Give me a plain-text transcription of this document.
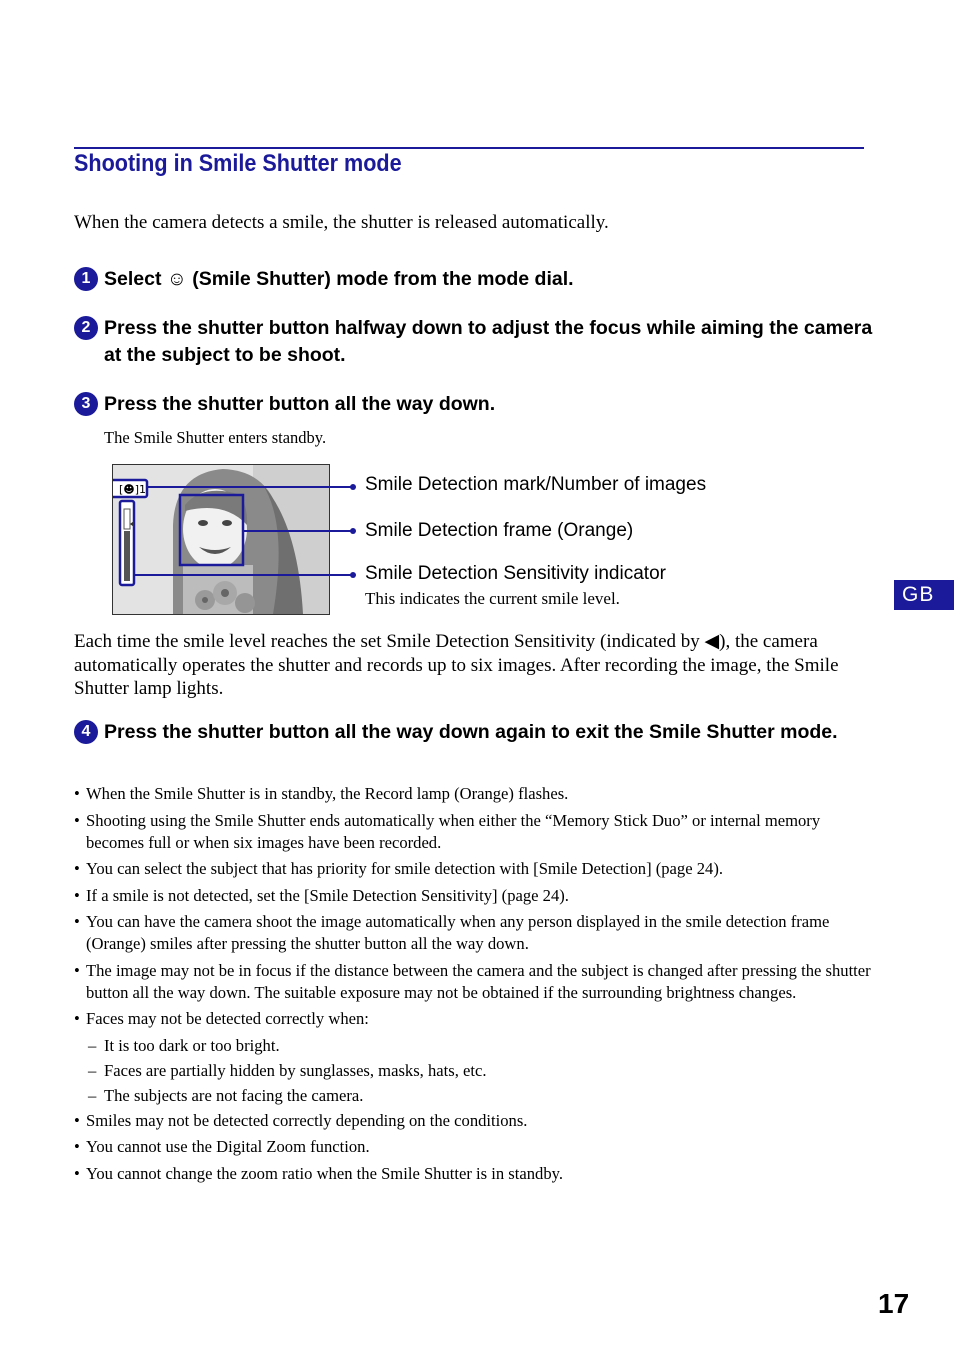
Shooting in Smile Shutter mode
When the camera detects a smile, the shutter is released automatically.
1 Select ☺ (Smile Shutter) mode from the mode dial.
2 Press the shutter button halfway down to adjust the focus while aiming the camera at the subject to be shoot.
3 Press the shutter button all the way down.
The Smile Shutter enters standby.
[☻]1	Smile Detection mark/Number of images
Smile Detection frame (Orange)
Smile Detection Sensitivity indicator
This indicates the current smile level.
Each time the smile level reaches the set Smile Detection Sensitivity (indicated by ◀), the camera automatically operates the shutter and records up to six images. After recording the image, the Smile Shutter lamp lights.
4 Press the shutter button all the way down again to exit the Smile Shutter mode.
• When the Smile Shutter is in standby, the Record lamp (Orange) flashes.
• Shooting using the Smile Shutter ends automatically when either the “Memory Stick Duo” or internal memory becomes full or when six images have been recorded.
• You can select the subject that has priority for smile detection with [Smile Detection] (page 24).
• If a smile is not detected, set the [Smile Detection Sensitivity] (page 24).
• You can have the camera shoot the image automatically when any person displayed in the smile detection frame (Orange) smiles after pressing the shutter button all the way down.
• The image may not be in focus if the distance between the camera and the subject is changed after pressing the shutter button all the way down. The suitable exposure may not be obtained if the surrounding brightness changes.
• Faces may not be detected correctly when:
– It is too dark or too bright.
– Faces are partially hidden by sunglasses, masks, hats, etc.
– The subjects are not facing the camera.
• Smiles may not be detected correctly depending on the conditions.
• You cannot use the Digital Zoom function.
• You cannot change the zoom ratio when the Smile Shutter is in standby.
GB
17
